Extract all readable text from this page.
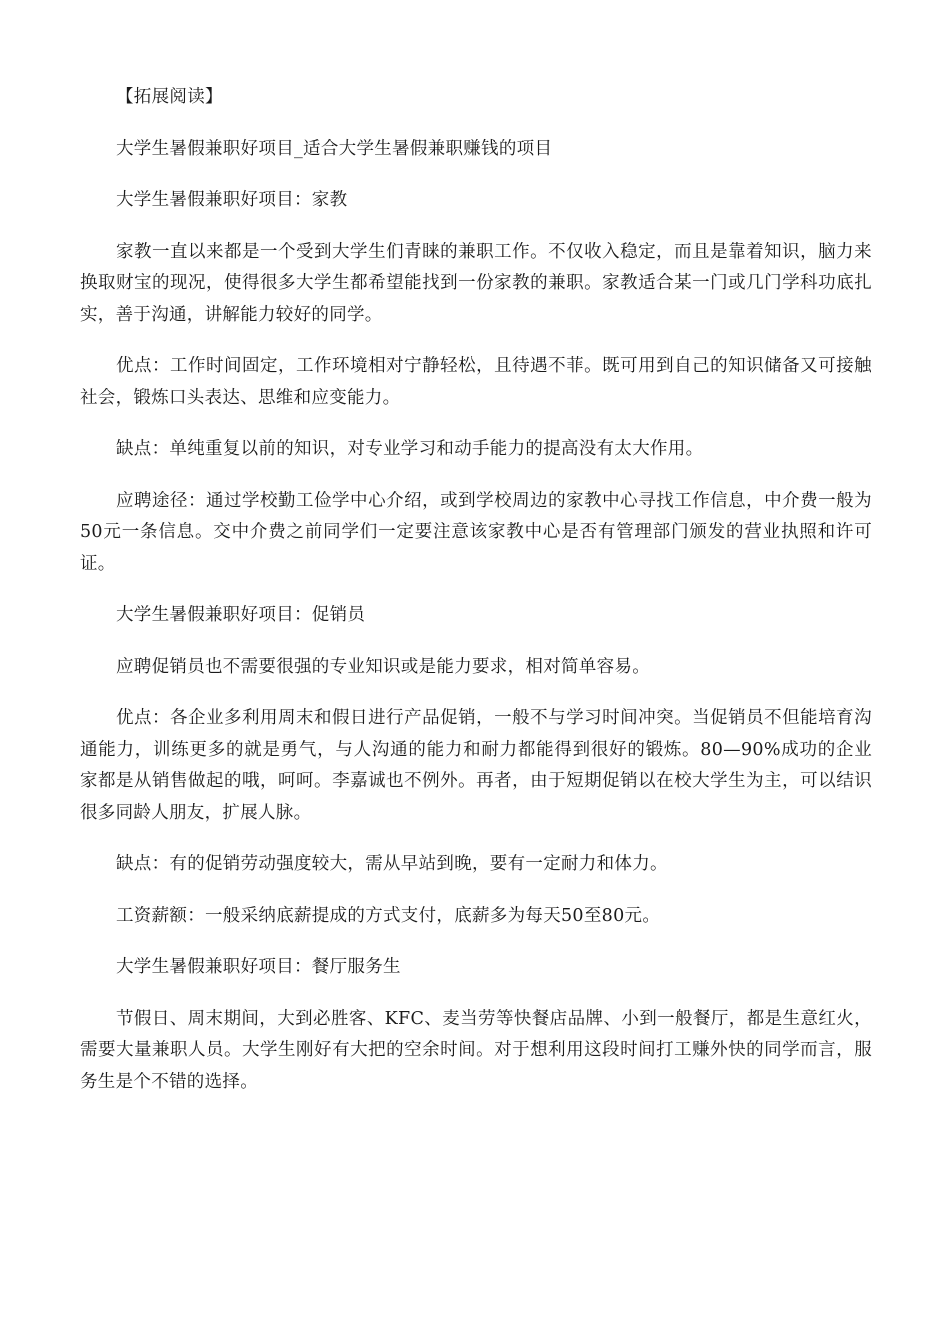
【拓展阅读】

大学生暑假兼职好项目_适合大学生暑假兼职赚钱的项目

大学生暑假兼职好项目：家教

家教一直以来都是一个受到大学生们青睐的兼职工作。不仅收入稳定，而且是靠着知识，脑力来换取财宝的现况，使得很多大学生都希望能找到一份家教的兼职。家教适合某一门或几门学科功底扎实，善于沟通，讲解能力较好的同学。

优点：工作时间固定，工作环境相对宁静轻松，且待遇不菲。既可用到自己的知识储备又可接触社会，锻炼口头表达、思维和应变能力。

缺点：单纯重复以前的知识，对专业学习和动手能力的提高没有太大作用。

应聘途径：通过学校勤工俭学中心介绍，或到学校周边的家教中心寻找工作信息，中介费一般为50元一条信息。交中介费之前同学们一定要注意该家教中心是否有管理部门颁发的营业执照和许可证。

大学生暑假兼职好项目：促销员

应聘促销员也不需要很强的专业知识或是能力要求，相对简单容易。

优点：各企业多利用周末和假日进行产品促销，一般不与学习时间冲突。当促销员不但能培育沟通能力，训练更多的就是勇气，与人沟通的能力和耐力都能得到很好的锻炼。80—90%成功的企业家都是从销售做起的哦，呵呵。李嘉诚也不例外。再者，由于短期促销以在校大学生为主，可以结识很多同龄人朋友，扩展人脉。

缺点：有的促销劳动强度较大，需从早站到晚，要有一定耐力和体力。

工资薪额：一般采纳底薪提成的方式支付，底薪多为每天50至80元。

大学生暑假兼职好项目：餐厅服务生

节假日、周末期间，大到必胜客、KFC、麦当劳等快餐店品牌、小到一般餐厅，都是生意红火，需要大量兼职人员。大学生刚好有大把的空余时间。对于想利用这段时间打工赚外快的同学而言，服务生是个不错的选择。
